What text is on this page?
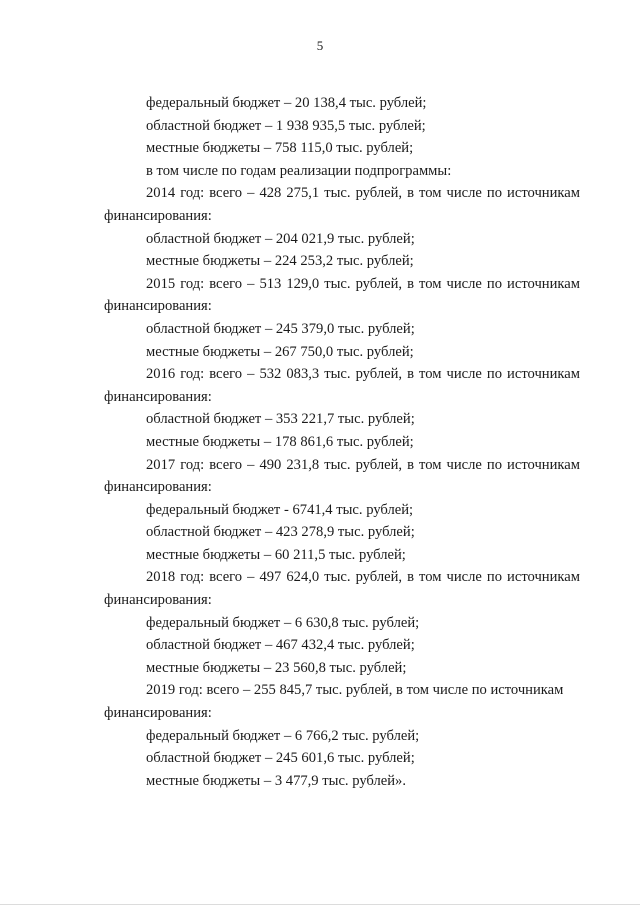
5
федеральный бюджет – 20 138,4 тыс. рублей;
областной бюджет – 1 938 935,5 тыс. рублей;
местные бюджеты – 758 115,0 тыс. рублей;
в том числе по годам реализации подпрограммы:
2014 год: всего – 428 275,1 тыс. рублей, в том числе по источникам
финансирования:
областной бюджет – 204 021,9 тыс. рублей;
местные бюджеты – 224 253,2 тыс. рублей;
2015 год: всего – 513 129,0 тыс. рублей, в том числе по источникам
финансирования:
областной бюджет – 245 379,0 тыс. рублей;
местные бюджеты – 267 750,0 тыс. рублей;
2016 год: всего – 532 083,3 тыс. рублей, в том числе по источникам
финансирования:
областной бюджет – 353 221,7 тыс. рублей;
местные бюджеты – 178 861,6 тыс. рублей;
2017 год: всего – 490 231,8 тыс. рублей, в том числе по источникам
финансирования:
федеральный бюджет - 6741,4 тыс. рублей;
областной бюджет – 423 278,9 тыс. рублей;
местные бюджеты – 60 211,5 тыс. рублей;
2018 год: всего – 497 624,0 тыс. рублей, в том числе по источникам
финансирования:
федеральный бюджет – 6 630,8 тыс. рублей;
областной бюджет – 467 432,4 тыс. рублей;
местные бюджеты – 23 560,8 тыс. рублей;
2019 год: всего – 255 845,7 тыс. рублей, в том числе по источникам
финансирования:
федеральный бюджет – 6 766,2 тыс. рублей;
областной бюджет – 245 601,6 тыс. рублей;
местные бюджеты – 3 477,9 тыс. рублей».
